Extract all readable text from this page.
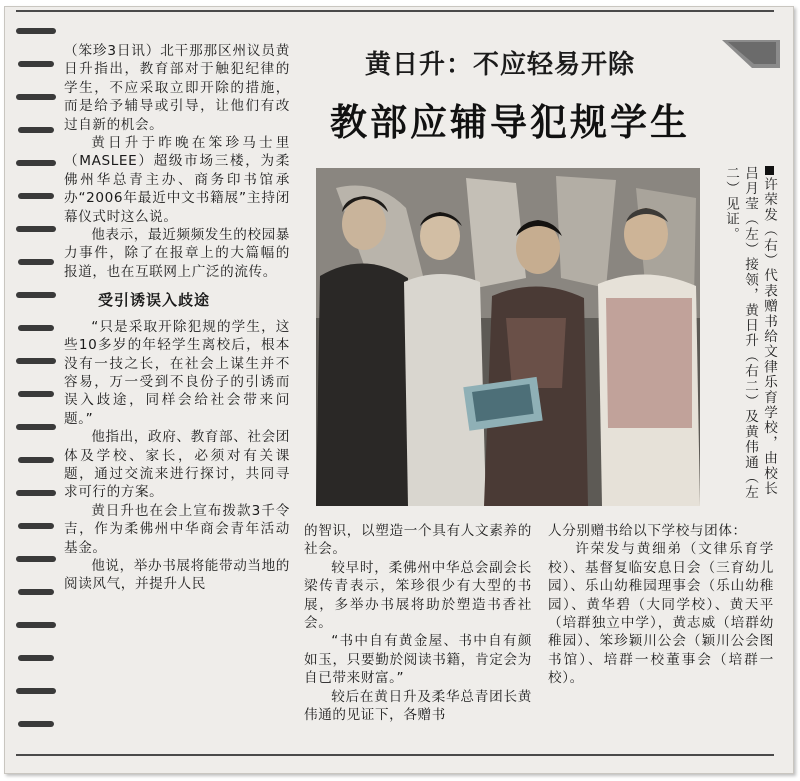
黄日升：不应轻易开除
教部应辅导犯规学生

（笨珍3日讯）北干那那区州议员黄日升指出，教育部对于触犯纪律的学生，不应采取立即开除的措施，而是给予辅导或引导，让他们有改过自新的机会。

黄日升于昨晚在笨珍马士里（MASLEE）超级市场三楼，为柔佛州华总青主办、商务印书馆承办“2006年最近中文书籍展”主持闭幕仪式时这么说。

他表示，最近频频发生的校园暴力事件，除了在报章上的大篇幅的报道，也在互联网上广泛的流传。

受引诱误入歧途

“只是采取开除犯规的学生，这些10多岁的年轻学生离校后，根本没有一技之长，在社会上谋生并不容易，万一受到不良份子的引诱而误入歧途，同样会给社会带来问题。”

他指出，政府、教育部、社会团体及学校、家长，必须对有关课题，通过交流来进行探讨，共同寻求可行的方案。

黄日升也在会上宣布拨款3千令吉，作为柔佛州中华商会青年活动基金。

他说，举办书展将能带动当地的阅读风气，并提升人民

许荣发（右）代表赠书给文律乐育学校，由校长吕月莹（左）接领，黄日升（右二）及黄伟通（左二）见证。

的智识，以塑造一个具有人文素养的社会。

较早时，柔佛州中华总会副会长梁传青表示，笨珍很少有大型的书展，多举办书展将助於塑造书香社会。

“书中自有黄金屋、书中自有颜如玉，只要勤於阅读书籍，肯定会为自已带来财富。”

较后在黄日升及柔华总青团长黄伟通的见证下，各赠书

人分别赠书给以下学校与团体：

许荣发与黄细弟（文律乐育学校）、基督复临安息日会（三育幼儿园）、乐山幼稚园理事会（乐山幼稚园）、黄华碧（大同学校）、黄天平（培群独立中学），黄志威（培群幼稚园）、笨珍颖川公会（颖川公会图书馆）、培群一校董事会（培群一校）。
